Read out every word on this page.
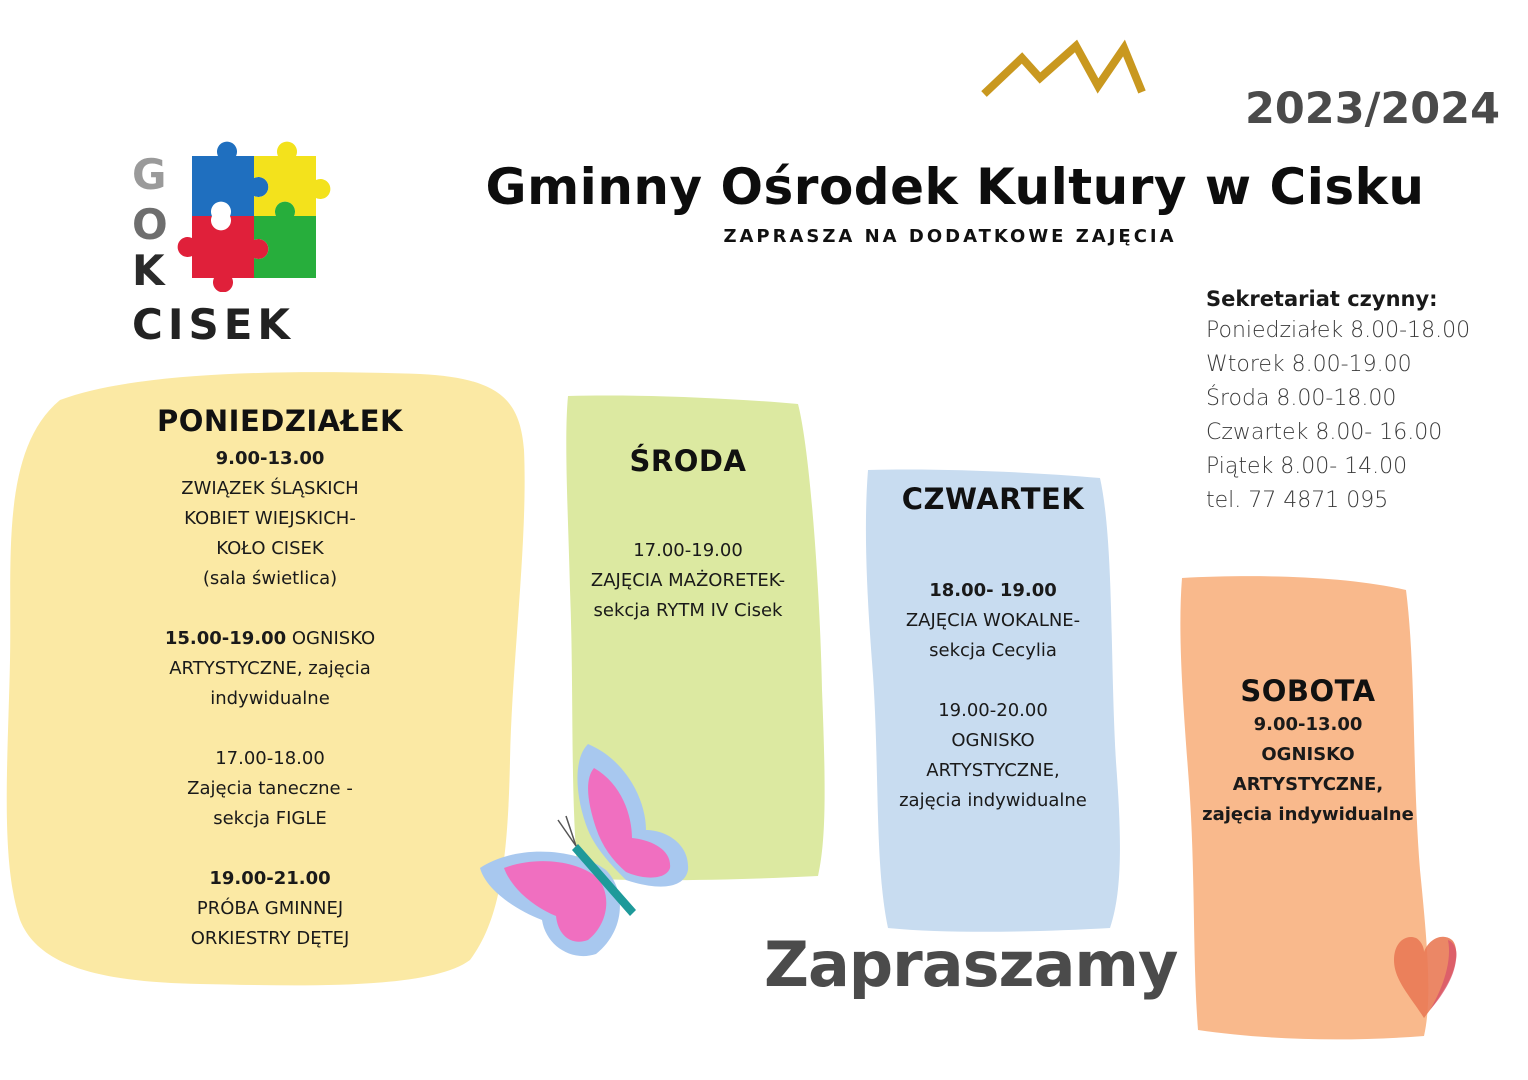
2023/2024
G
O
K
CISEK
Gminny Ośrodek Kultury w Cisku
ZAPRASZA NA DODATKOWE ZAJĘCIA
Sekretariat czynny:
Poniedziałek 8.00-18.00
Wtorek 8.00-19.00
Środa 8.00-18.00
Czwartek 8.00- 16.00
Piątek 8.00- 14.00
tel. 77 4871 095
PONIEDZIAŁEK
9.00-13.00
ZWIĄZEK ŚLĄSKICH
KOBIET WIEJSKICH-
KOŁO CISEK
(sala świetlica)
15.00-19.00 OGNISKO
ARTYSTYCZNE, zajęcia
indywidualne
17.00-18.00
Zajęcia taneczne -
sekcja FIGLE
19.00-21.00
PRÓBA GMINNEJ
ORKIESTRY DĘTEJ
ŚRODA
17.00-19.00
ZAJĘCIA MAŻORETEK-
sekcja RYTM IV Cisek
CZWARTEK
18.00- 19.00
ZAJĘCIA WOKALNE-
sekcja Cecylia
19.00-20.00
OGNISKO
ARTYSTYCZNE,
zajęcia indywidualne
SOBOTA
9.00-13.00
OGNISKO
ARTYSTYCZNE,
zajęcia indywidualne
Zapraszamy
